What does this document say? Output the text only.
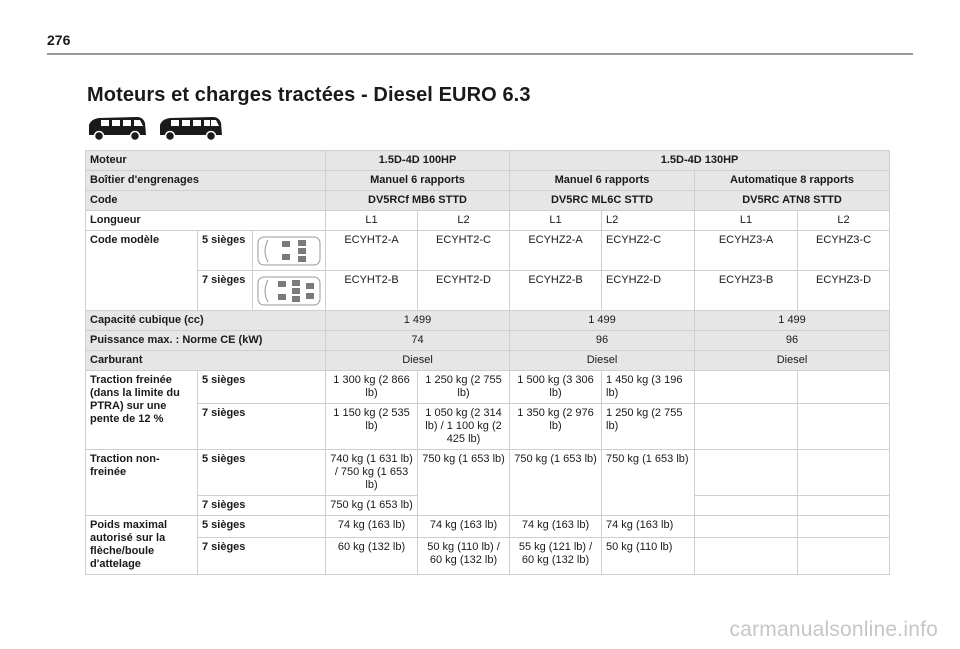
276
Moteurs et charges tractées - Diesel EURO 6.3
Moteur			1.5D-4D 100HP		1.5D-4D 130HP			
Boîtier d'engrenages			Manuel 6 rapports		Manuel 6 rapports		Automatique 8 rapports	
Code			DV5RCf MB6 STTD		DV5RC ML6C STTD		DV5RC ATN8 STTD	
Longueur			L1	L2	L1	L2	L1	L2
Code modèle	5 sièges		ECYHT2-A	ECYHT2-C	ECYHZ2-A	ECYHZ2-C	ECYHZ3-A	ECYHZ3-C
	7 sièges		ECYHT2-B	ECYHT2-D	ECYHZ2-B	ECYHZ2-D	ECYHZ3-B	ECYHZ3-D
Capacité cubique (cc)			1 499		1 499		1 499	
Puissance max. : Norme CE (kW)			74		96		96	
Carburant			Diesel		Diesel		Diesel	
Traction freinée (dans la limite du PTRA) sur une pente de 12 %	5 sièges		1 300 kg (2 866 lb)	1 250 kg (2 755 lb)	1 500 kg (3 306 lb)	1 450 kg (3 196 lb)		
	7 sièges		1 150 kg (2 535 lb)	1 050 kg (2 314 lb) / 1 100 kg (2 425 lb)	1 350 kg (2 976 lb)	1 250 kg (2 755 lb)		
Traction non-freinée	5 sièges		740 kg (1 631 lb) / 750 kg (1 653 lb)	750 kg (1 653 lb)	750 kg (1 653 lb)	750 kg (1 653 lb)		
	7 sièges		750 kg (1 653 lb)					
Poids maximal autorisé sur la flèche/boule d'attelage	5 sièges		74 kg (163 lb)	74 kg (163 lb)	74 kg (163 lb)	74 kg (163 lb)		
	7 sièges		60 kg (132 lb)	50 kg (110 lb) / 60 kg (132 lb)	55 kg (121 lb) / 60 kg (132 lb)	50 kg (110 lb)		
carmanualsonline.info
